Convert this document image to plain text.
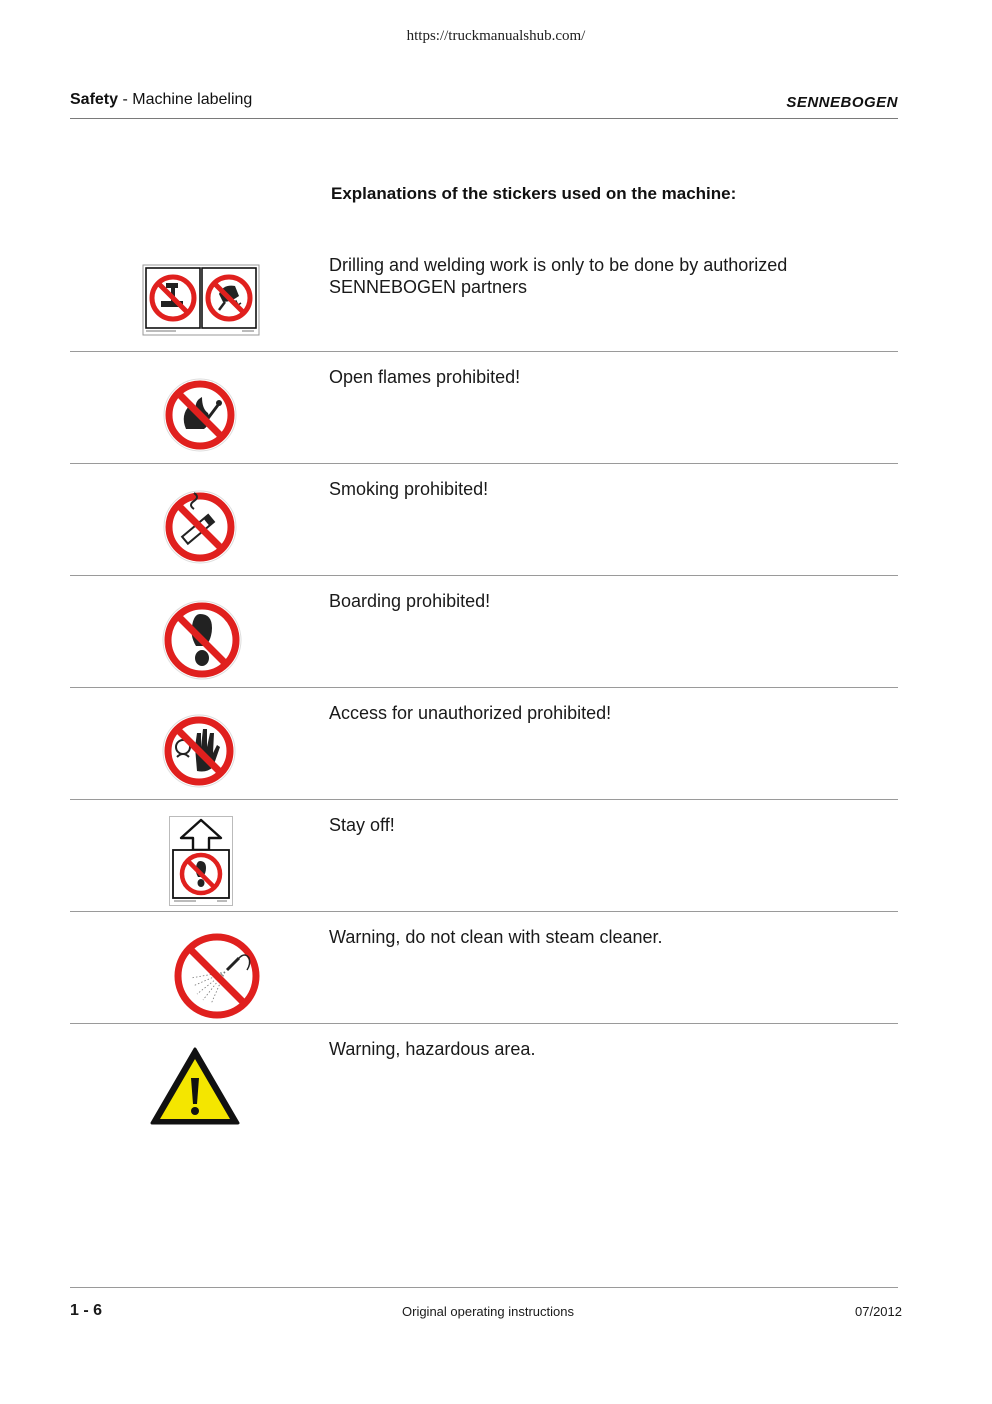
https://truckmanualshub.com/
Safety - Machine labeling	SENNEBOGEN
Explanations of the stickers used on the machine:
Drilling and welding work is only to be done by authorized SENNEBOGEN partners
Open flames prohibited!
Smoking prohibited!
Boarding prohibited!
Access for unauthorized prohibited!
Stay off!
Warning, do not clean with steam cleaner.
Warning, hazardous area.
1 - 6	Original operating instructions	07/2012
